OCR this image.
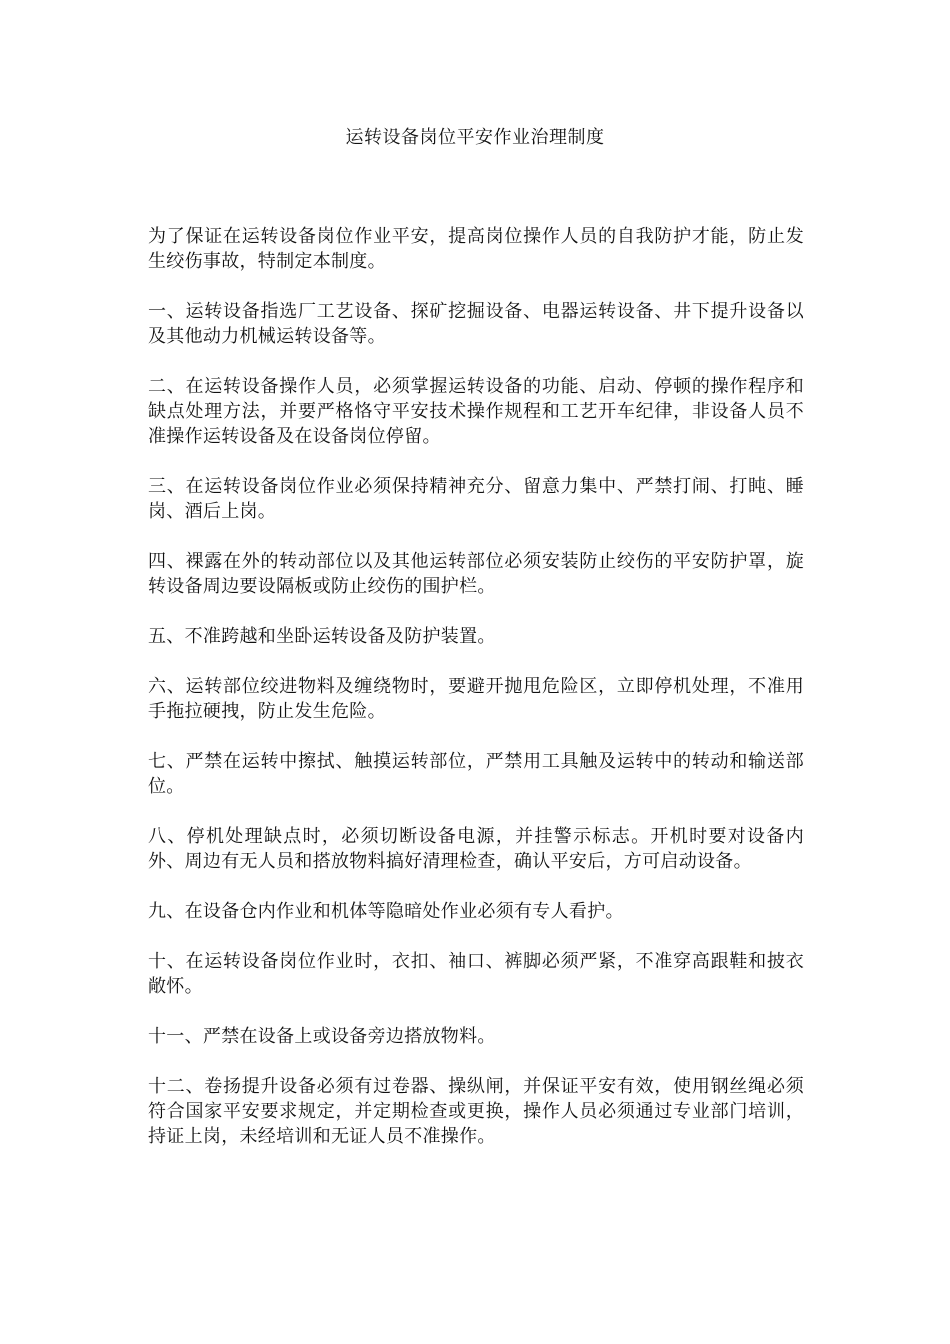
运转设备岗位平安作业治理制度

为了保证在运转设备岗位作业平安，提高岗位操作人员的自我防护才能，防止发生绞伤事故，特制定本制度。

一、运转设备指选厂工艺设备、探矿挖掘设备、电器运转设备、井下提升设备以及其他动力机械运转设备等。

二、在运转设备操作人员，必须掌握运转设备的功能、启动、停顿的操作程序和缺点处理方法，并要严格恪守平安技术操作规程和工艺开车纪律，非设备人员不准操作运转设备及在设备岗位停留。

三、在运转设备岗位作业必须保持精神充分、留意力集中、严禁打闹、打盹、睡岗、酒后上岗。

四、裸露在外的转动部位以及其他运转部位必须安装防止绞伤的平安防护罩，旋转设备周边要设隔板或防止绞伤的围护栏。

五、不准跨越和坐卧运转设备及防护装置。

六、运转部位绞进物料及缠绕物时，要避开抛甩危险区，立即停机处理，不准用手拖拉硬拽，防止发生危险。

七、严禁在运转中擦拭、触摸运转部位，严禁用工具触及运转中的转动和输送部位。

八、停机处理缺点时，必须切断设备电源，并挂警示标志。开机时要对设备内外、周边有无人员和搭放物料搞好清理检查，确认平安后，方可启动设备。

九、在设备仓内作业和机体等隐暗处作业必须有专人看护。

十、在运转设备岗位作业时，衣扣、袖口、裤脚必须严紧，不准穿高跟鞋和披衣敞怀。

十一、严禁在设备上或设备旁边搭放物料。

十二、卷扬提升设备必须有过卷器、操纵闸，并保证平安有效，使用钢丝绳必须符合国家平安要求规定，并定期检查或更换，操作人员必须通过专业部门培训，持证上岗，未经培训和无证人员不准操作。
